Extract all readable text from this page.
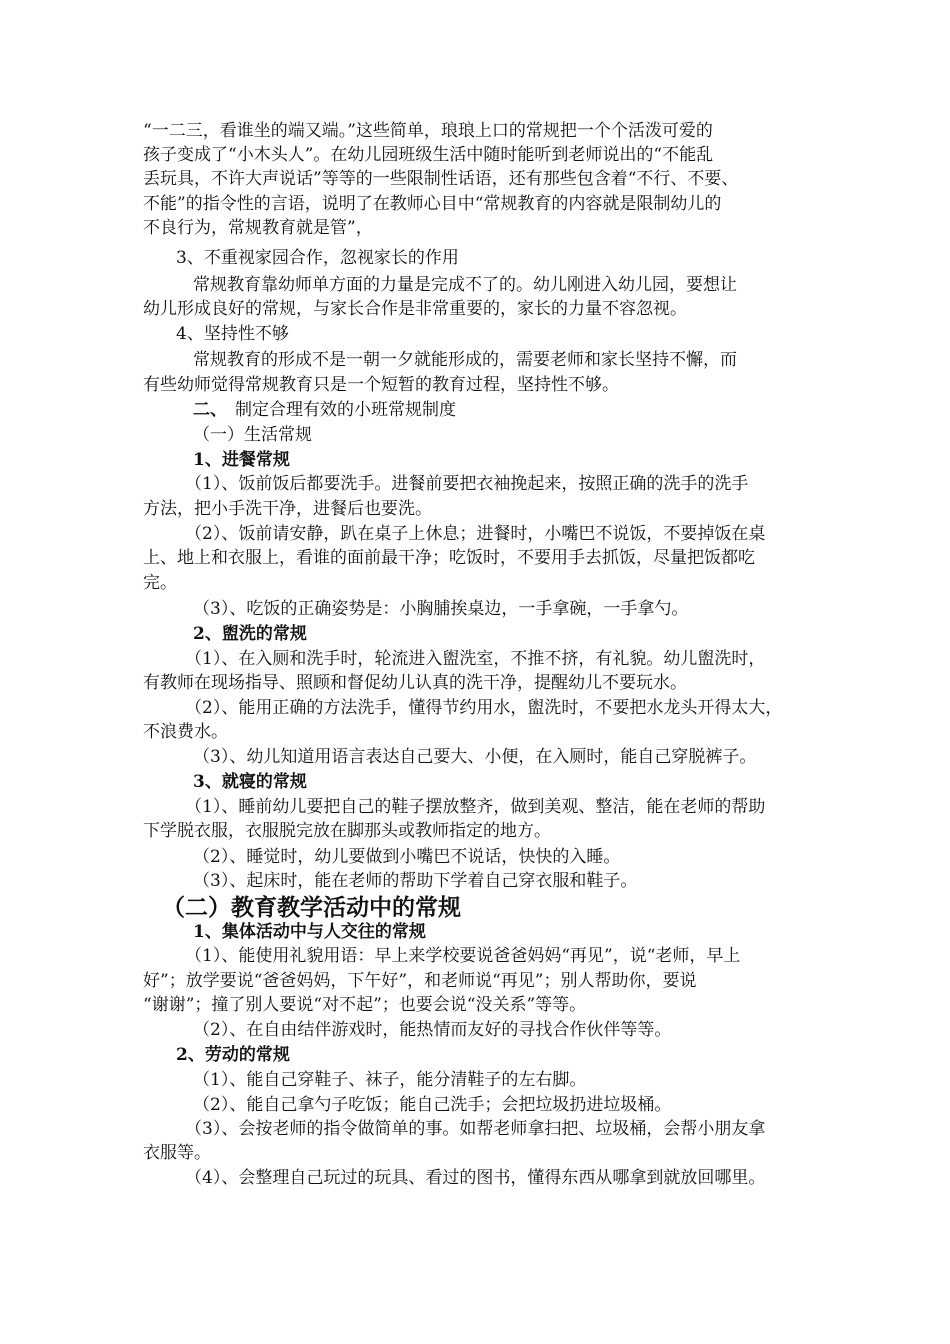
“一二三，看谁坐的端又端。”这些简单，琅琅上口的常规把一个个活泼可爱的
孩子变成了“小木头人”。在幼儿园班级生活中随时能听到老师说出的“不能乱
丢玩具，不许大声说话”等等的一些限制性话语，还有那些包含着“不行、不要、
不能”的指令性的言语，说明了在教师心目中“常规教育的内容就是限制幼儿的
不良行为，常规教育就是管”，
3、不重视家园合作，忽视家长的作用
常规教育靠幼师单方面的力量是完成不了的。幼儿刚进入幼儿园，要想让
幼儿形成良好的常规，与家长合作是非常重要的，家长的力量不容忽视。
4、坚持性不够
常规教育的形成不是一朝一夕就能形成的，需要老师和家长坚持不懈，而
有些幼师觉得常规教育只是一个短暂的教育过程，坚持性不够。
二、 制定合理有效的小班常规制度
（一）生活常规
1、进餐常规
（1）、饭前饭后都要洗手。进餐前要把衣袖挽起来，按照正确的洗手的洗手
方法，把小手洗干净，进餐后也要洗。
（2）、饭前请安静，趴在桌子上休息；进餐时，小嘴巴不说饭，不要掉饭在桌
上、地上和衣服上，看谁的面前最干净；吃饭时，不要用手去抓饭，尽量把饭都吃
完。
（3）、吃饭的正确姿势是：小胸脯挨桌边，一手拿碗，一手拿勺。
2、盥洗的常规
（1）、在入厕和洗手时，轮流进入盥洗室，不推不挤，有礼貌。幼儿盥洗时，
有教师在现场指导、照顾和督促幼儿认真的洗干净，提醒幼儿不要玩水。
（2）、能用正确的方法洗手，懂得节约用水，盥洗时，不要把水龙头开得太大，
不浪费水。
（3）、幼儿知道用语言表达自己要大、小便，在入厕时，能自己穿脱裤子。
3、就寝的常规
（1）、睡前幼儿要把自己的鞋子摆放整齐，做到美观、整洁，能在老师的帮助
下学脱衣服，衣服脱完放在脚那头或教师指定的地方。
（2）、睡觉时，幼儿要做到小嘴巴不说话，快快的入睡。
（3）、起床时，能在老师的帮助下学着自己穿衣服和鞋子。
（二）教育教学活动中的常规
1、集体活动中与人交往的常规
（1）、能使用礼貌用语：早上来学校要说爸爸妈妈“再见”，说“老师，早上
好”；放学要说“爸爸妈妈，下午好”，和老师说“再见”；别人帮助你，要说
“谢谢”；撞了别人要说“对不起”；也要会说“没关系”等等。
（2）、在自由结伴游戏时，能热情而友好的寻找合作伙伴等等。
2、劳动的常规
（1）、能自己穿鞋子、袜子，能分清鞋子的左右脚。
（2）、能自己拿勺子吃饭；能自己洗手；会把垃圾扔进垃圾桶。
（3）、会按老师的指令做简单的事。如帮老师拿扫把、垃圾桶，会帮小朋友拿
衣服等。
（4）、会整理自己玩过的玩具、看过的图书，懂得东西从哪拿到就放回哪里。
